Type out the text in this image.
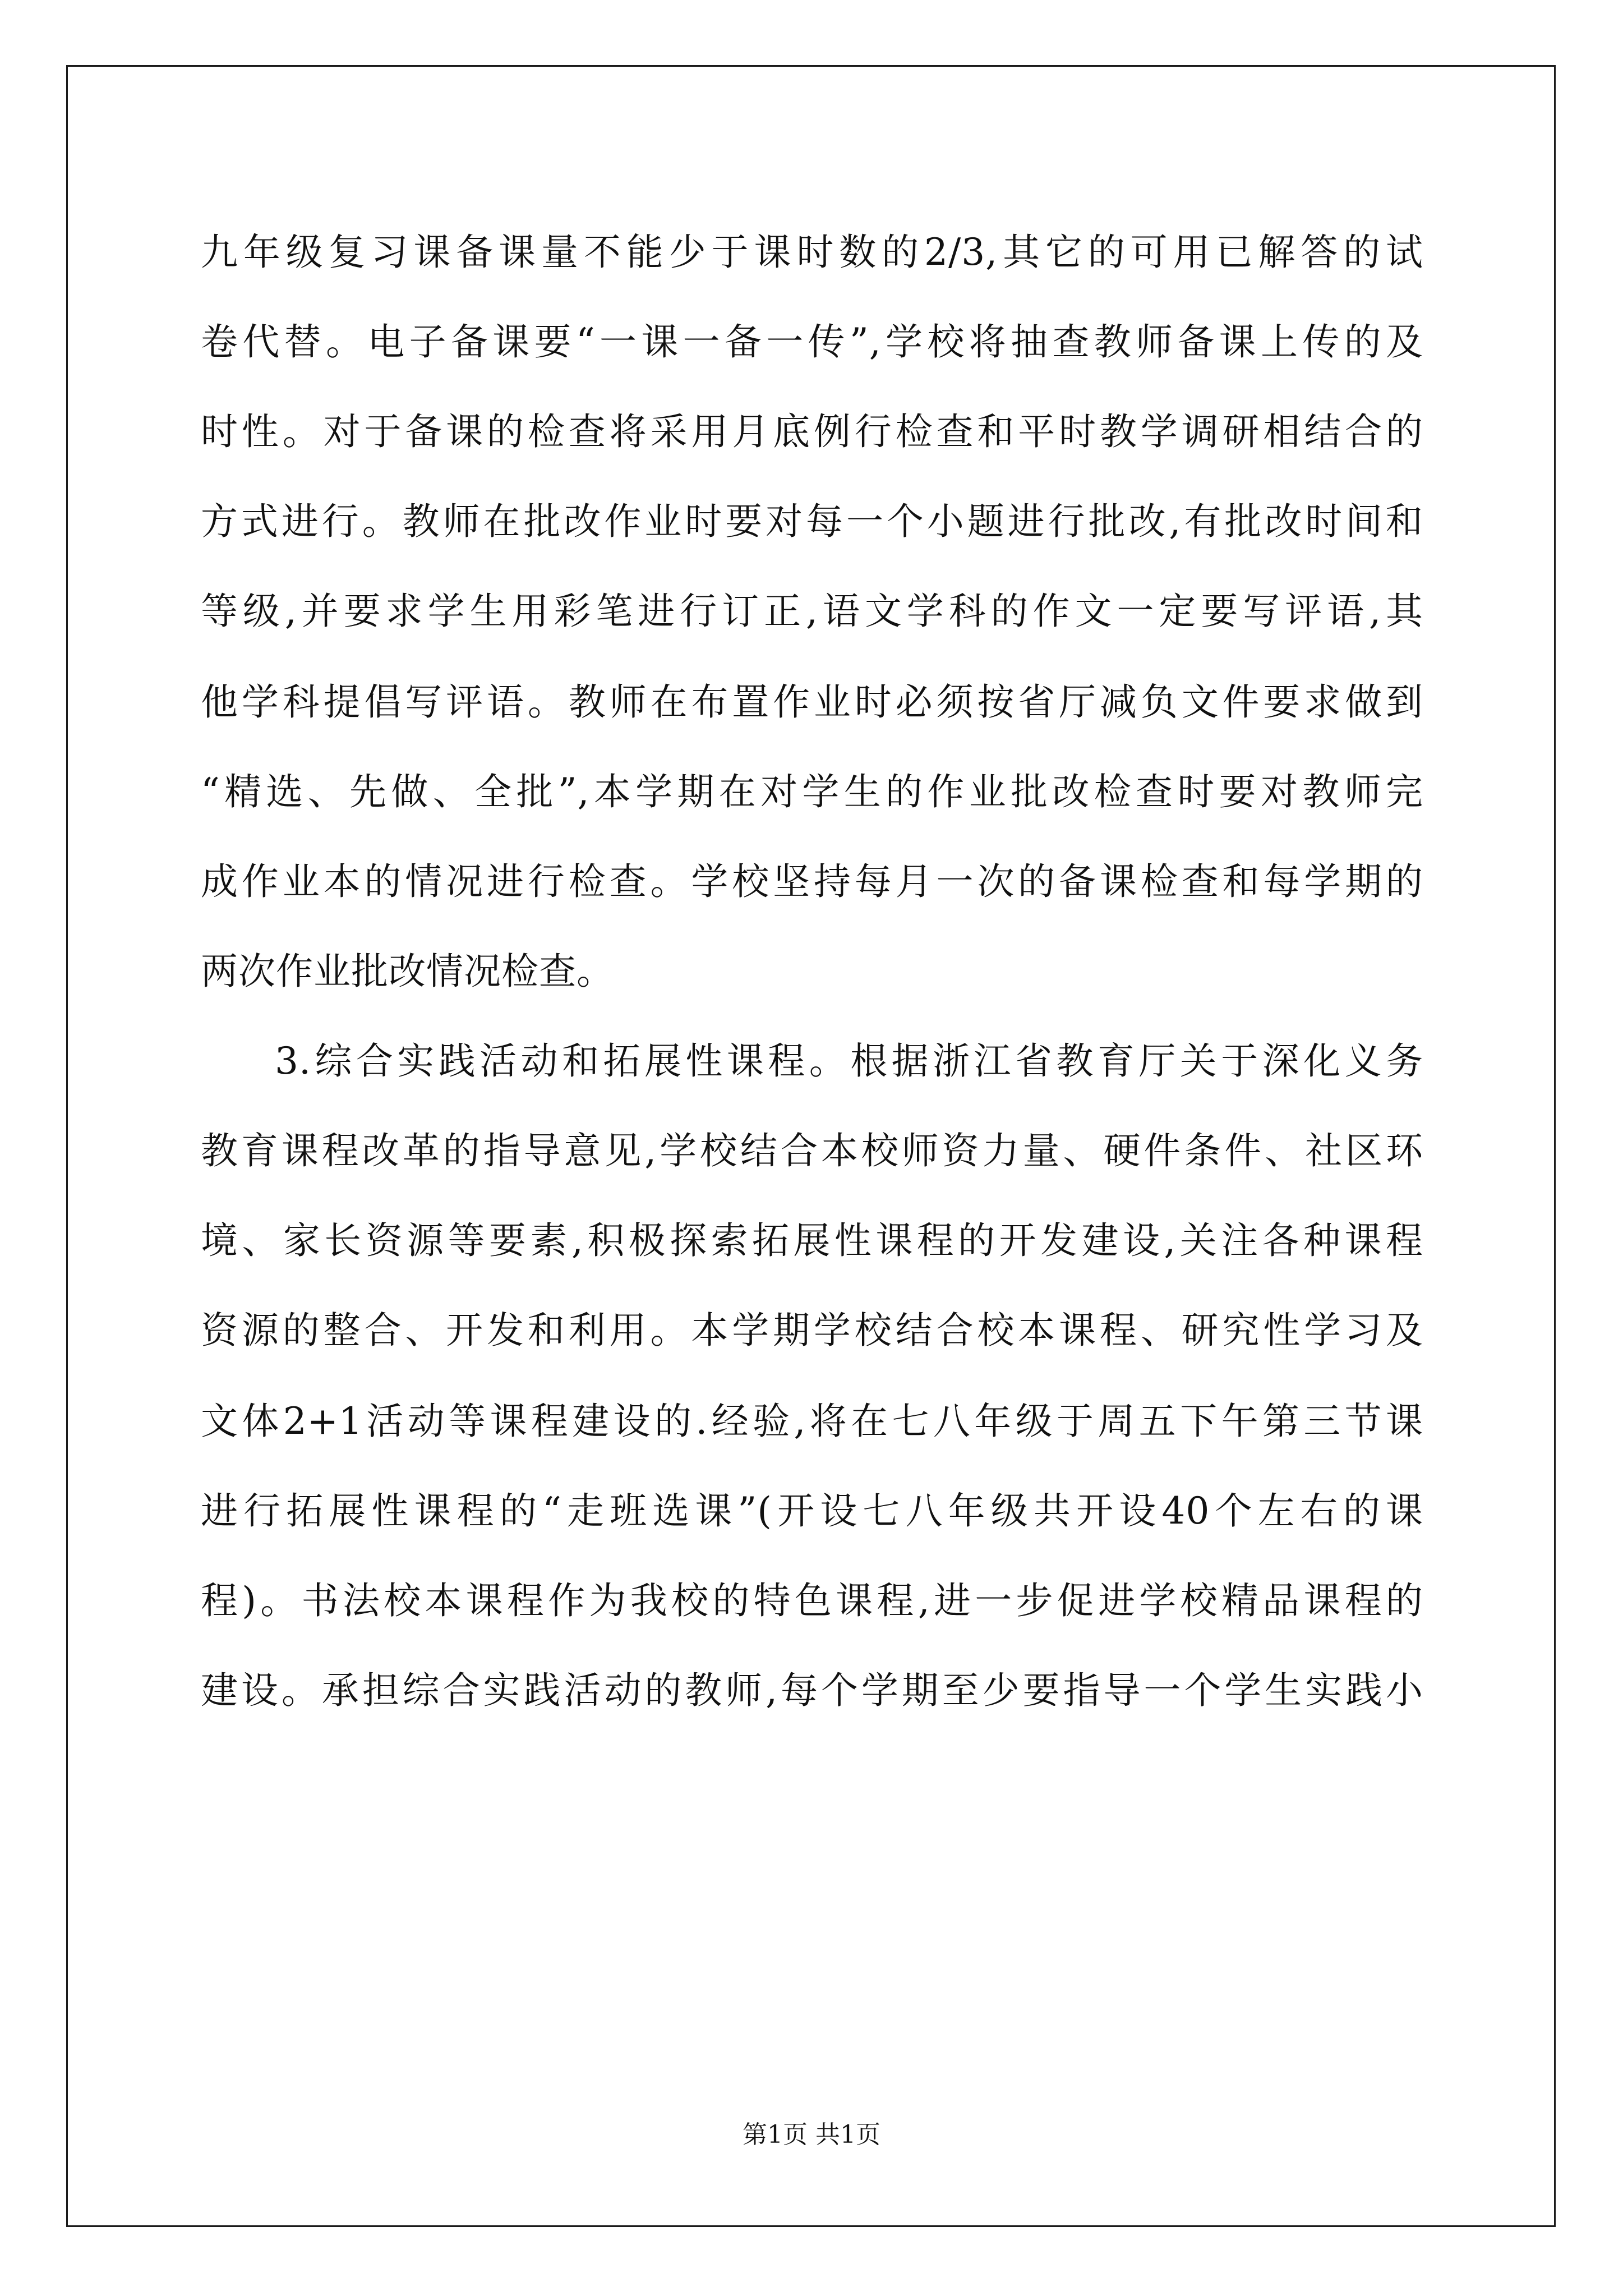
九年级复习课备课量不能少于课时数的2/3,其它的可用已解答的试
卷代替。电子备课要“一课一备一传”,学校将抽查教师备课上传的及
时性。对于备课的检查将采用月底例行检查和平时教学调研相结合的
方式进行。教师在批改作业时要对每一个小题进行批改,有批改时间和
等级,并要求学生用彩笔进行订正,语文学科的作文一定要写评语,其
他学科提倡写评语。教师在布置作业时必须按省厅减负文件要求做到
“精选、先做、全批”,本学期在对学生的作业批改检查时要对教师完
成作业本的情况进行检查。学校坚持每月一次的备课检查和每学期的
两次作业批改情况检查。
3.综合实践活动和拓展性课程。根据浙江省教育厅关于深化义务
教育课程改革的指导意见,学校结合本校师资力量、硬件条件、社区环
境、家长资源等要素,积极探索拓展性课程的开发建设,关注各种课程
资源的整合、开发和利用。本学期学校结合校本课程、研究性学习及
文体2+1活动等课程建设的.经验,将在七八年级于周五下午第三节课
进行拓展性课程的“走班选课”(开设七八年级共开设40个左右的课
程)。书法校本课程作为我校的特色课程,进一步促进学校精品课程的
建设。承担综合实践活动的教师,每个学期至少要指导一个学生实践小
第1页 共1页
